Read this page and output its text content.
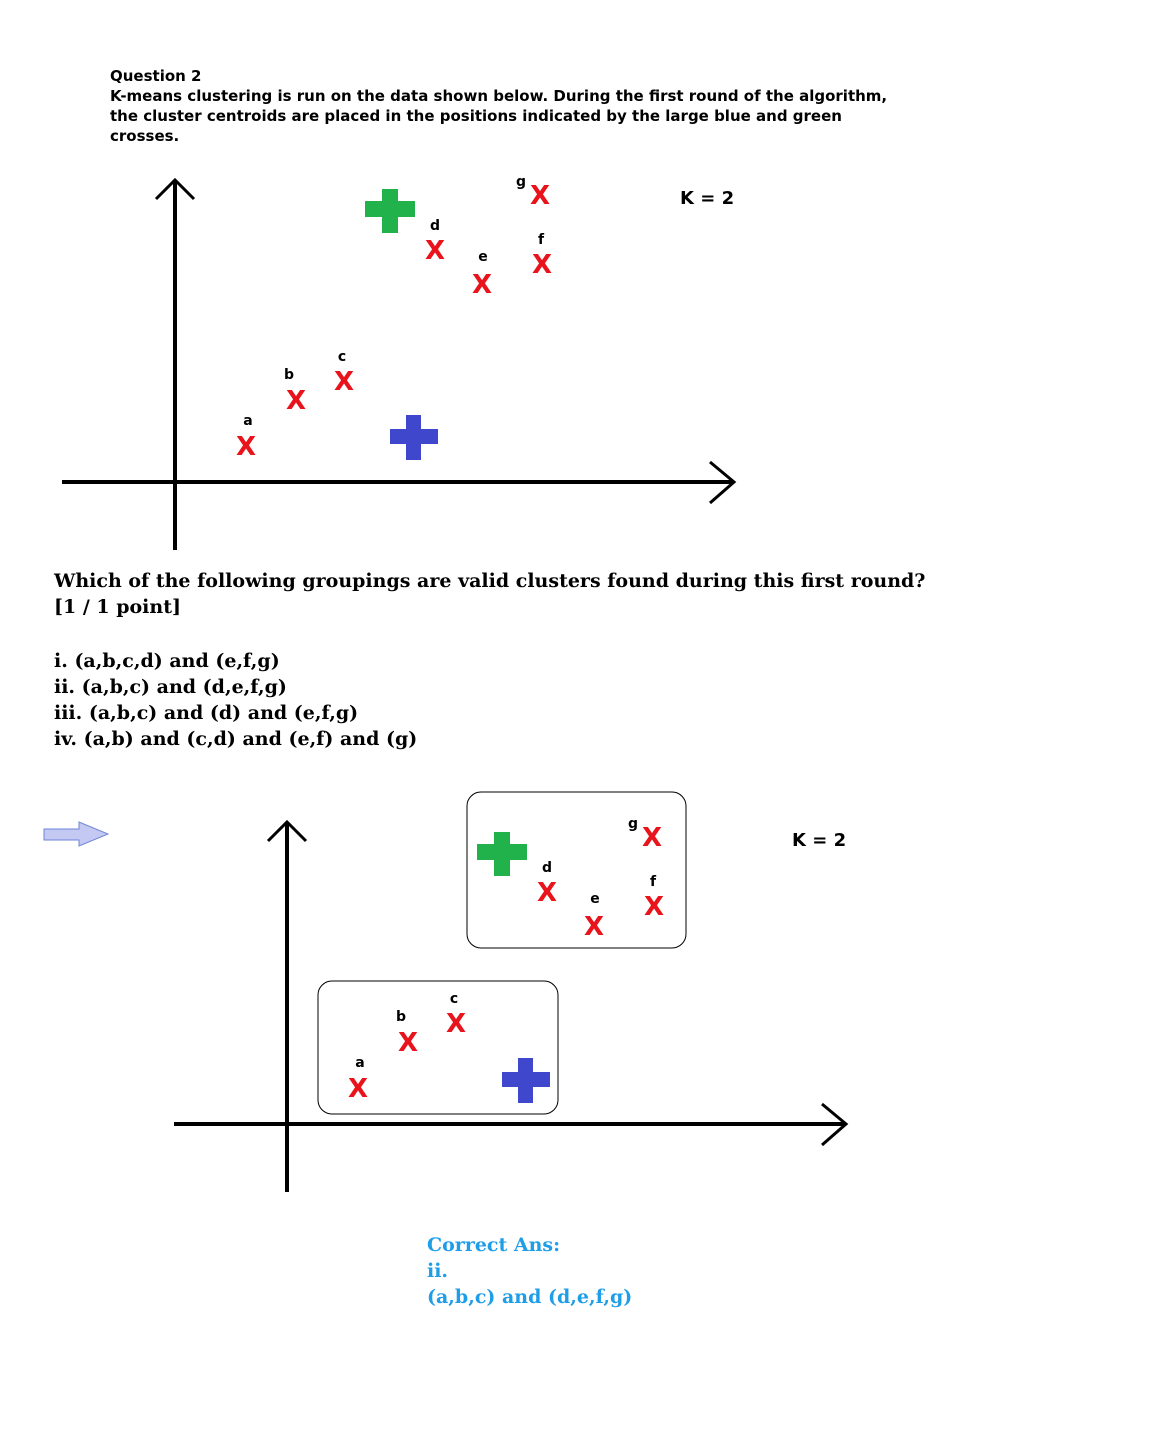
Question 2
K-means clustering is run on the data shown below. During the first round of the algorithm,
the cluster centroids are placed in the positions indicated by the large blue and green
crosses.
a
b
c
d
e
f
g
X
X
X
X
X
X
X	K = 2
Which of the following groupings are valid clusters found during this first round?
[1 / 1 point]
i. (a,b,c,d) and (e,f,g)
ii. (a,b,c) and (d,e,f,g)
iii. (a,b,c) and (d) and (e,f,g)
iv. (a,b) and (c,d) and (e,f) and (g)
a
b
c
d
e
f
g
X
X
X
X
X
X
X	K = 2
Correct Ans:
ii.
(a,b,c) and (d,e,f,g)
